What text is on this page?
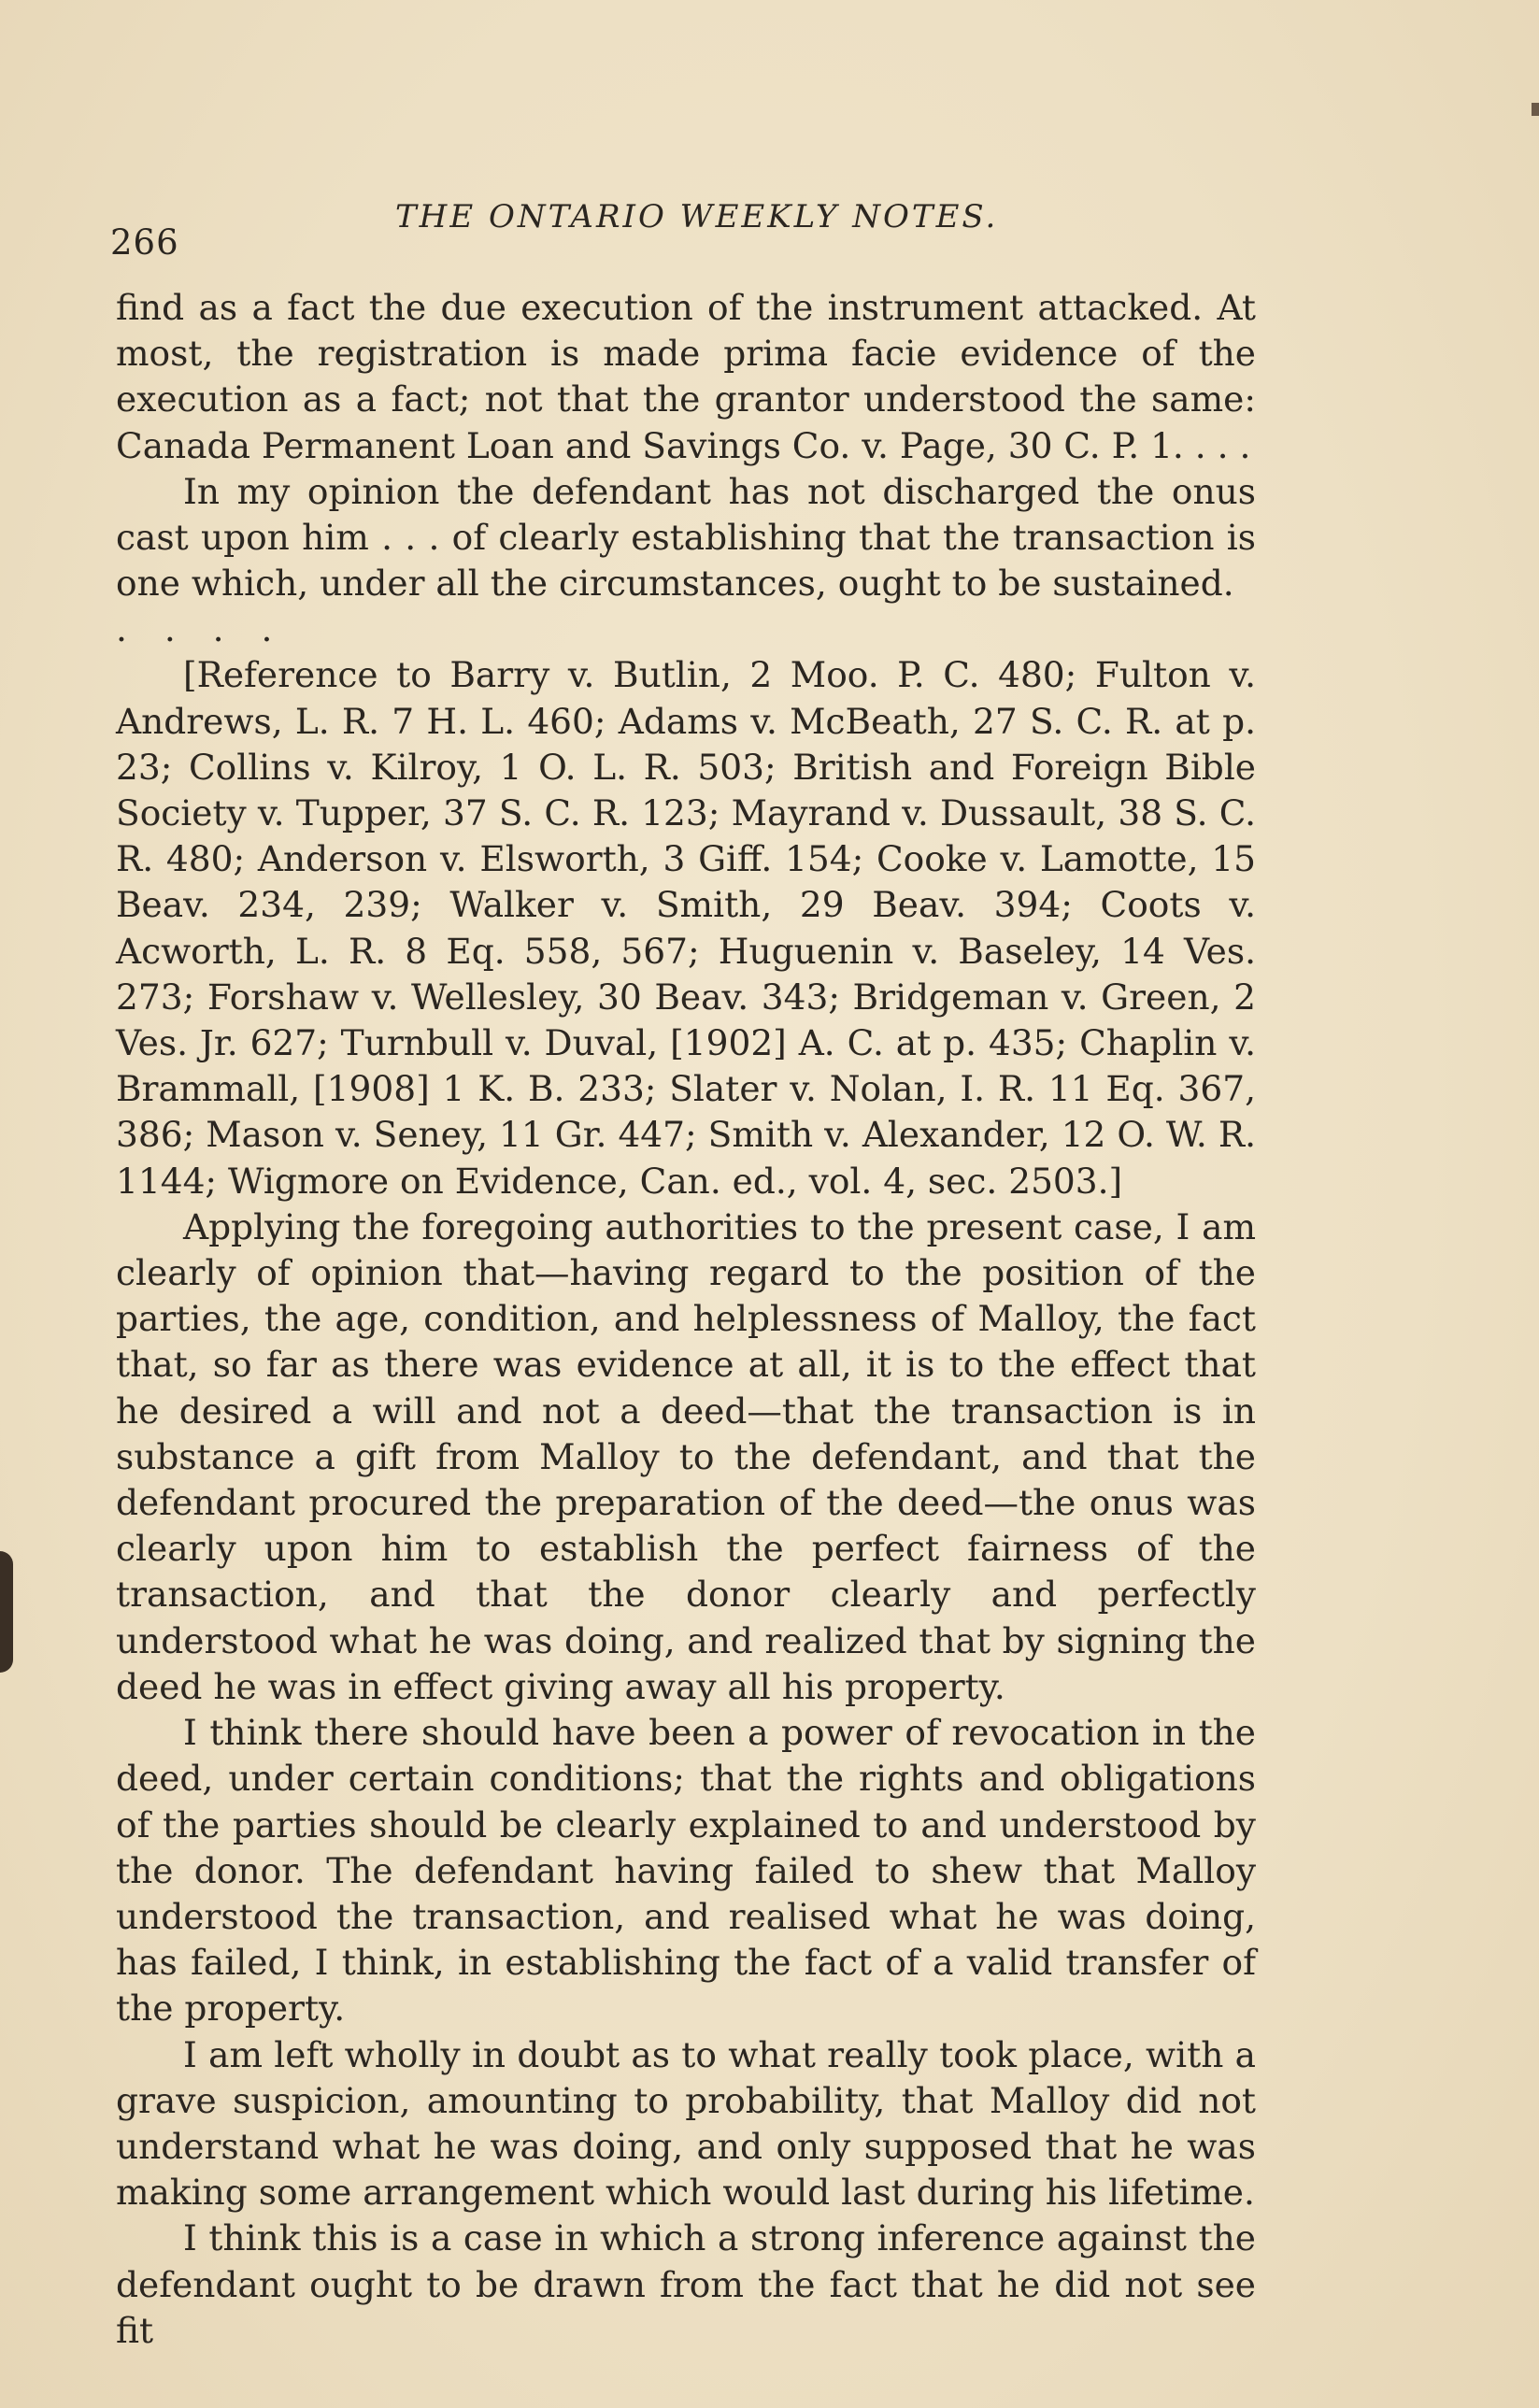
266
THE ONTARIO WEEKLY NOTES.

find as a fact the due execution of the instrument attacked. At most, the registration is made prima facie evidence of the execution as a fact; not that the grantor understood the same: Canada Permanent Loan and Savings Co. v. Page, 30 C. P. 1. . . .

In my opinion the defendant has not discharged the onus cast upon him . . . of clearly establishing that the transaction is one which, under all the circumstances, ought to be sustained.

. . . .

[Reference to Barry v. Butlin, 2 Moo. P. C. 480; Fulton v. Andrews, L. R. 7 H. L. 460; Adams v. McBeath, 27 S. C. R. at p. 23; Collins v. Kilroy, 1 O. L. R. 503; British and Foreign Bible Society v. Tupper, 37 S. C. R. 123; Mayrand v. Dussault, 38 S. C. R. 480; Anderson v. Elsworth, 3 Giff. 154; Cooke v. Lamotte, 15 Beav. 234, 239; Walker v. Smith, 29 Beav. 394; Coots v. Acworth, L. R. 8 Eq. 558, 567; Huguenin v. Baseley, 14 Ves. 273; Forshaw v. Wellesley, 30 Beav. 343; Bridgeman v. Green, 2 Ves. Jr. 627; Turnbull v. Duval, [1902] A. C. at p. 435; Chaplin v. Brammall, [1908] 1 K. B. 233; Slater v. Nolan, I. R. 11 Eq. 367, 386; Mason v. Seney, 11 Gr. 447; Smith v. Alexander, 12 O. W. R. 1144; Wigmore on Evidence, Can. ed., vol. 4, sec. 2503.]

Applying the foregoing authorities to the present case, I am clearly of opinion that—having regard to the position of the parties, the age, condition, and helplessness of Malloy, the fact that, so far as there was evidence at all, it is to the effect that he desired a will and not a deed—that the transaction is in substance a gift from Malloy to the defendant, and that the defendant procured the preparation of the deed—the onus was clearly upon him to establish the perfect fairness of the transaction, and that the donor clearly and perfectly understood what he was doing, and realized that by signing the deed he was in effect giving away all his property.

I think there should have been a power of revocation in the deed, under certain conditions; that the rights and obligations of the parties should be clearly explained to and understood by the donor. The defendant having failed to shew that Malloy understood the transaction, and realised what he was doing, has failed, I think, in establishing the fact of a valid transfer of the property.

I am left wholly in doubt as to what really took place, with a grave suspicion, amounting to probability, that Malloy did not understand what he was doing, and only supposed that he was making some arrangement which would last during his lifetime.

I think this is a case in which a strong inference against the defendant ought to be drawn from the fact that he did not see fit
